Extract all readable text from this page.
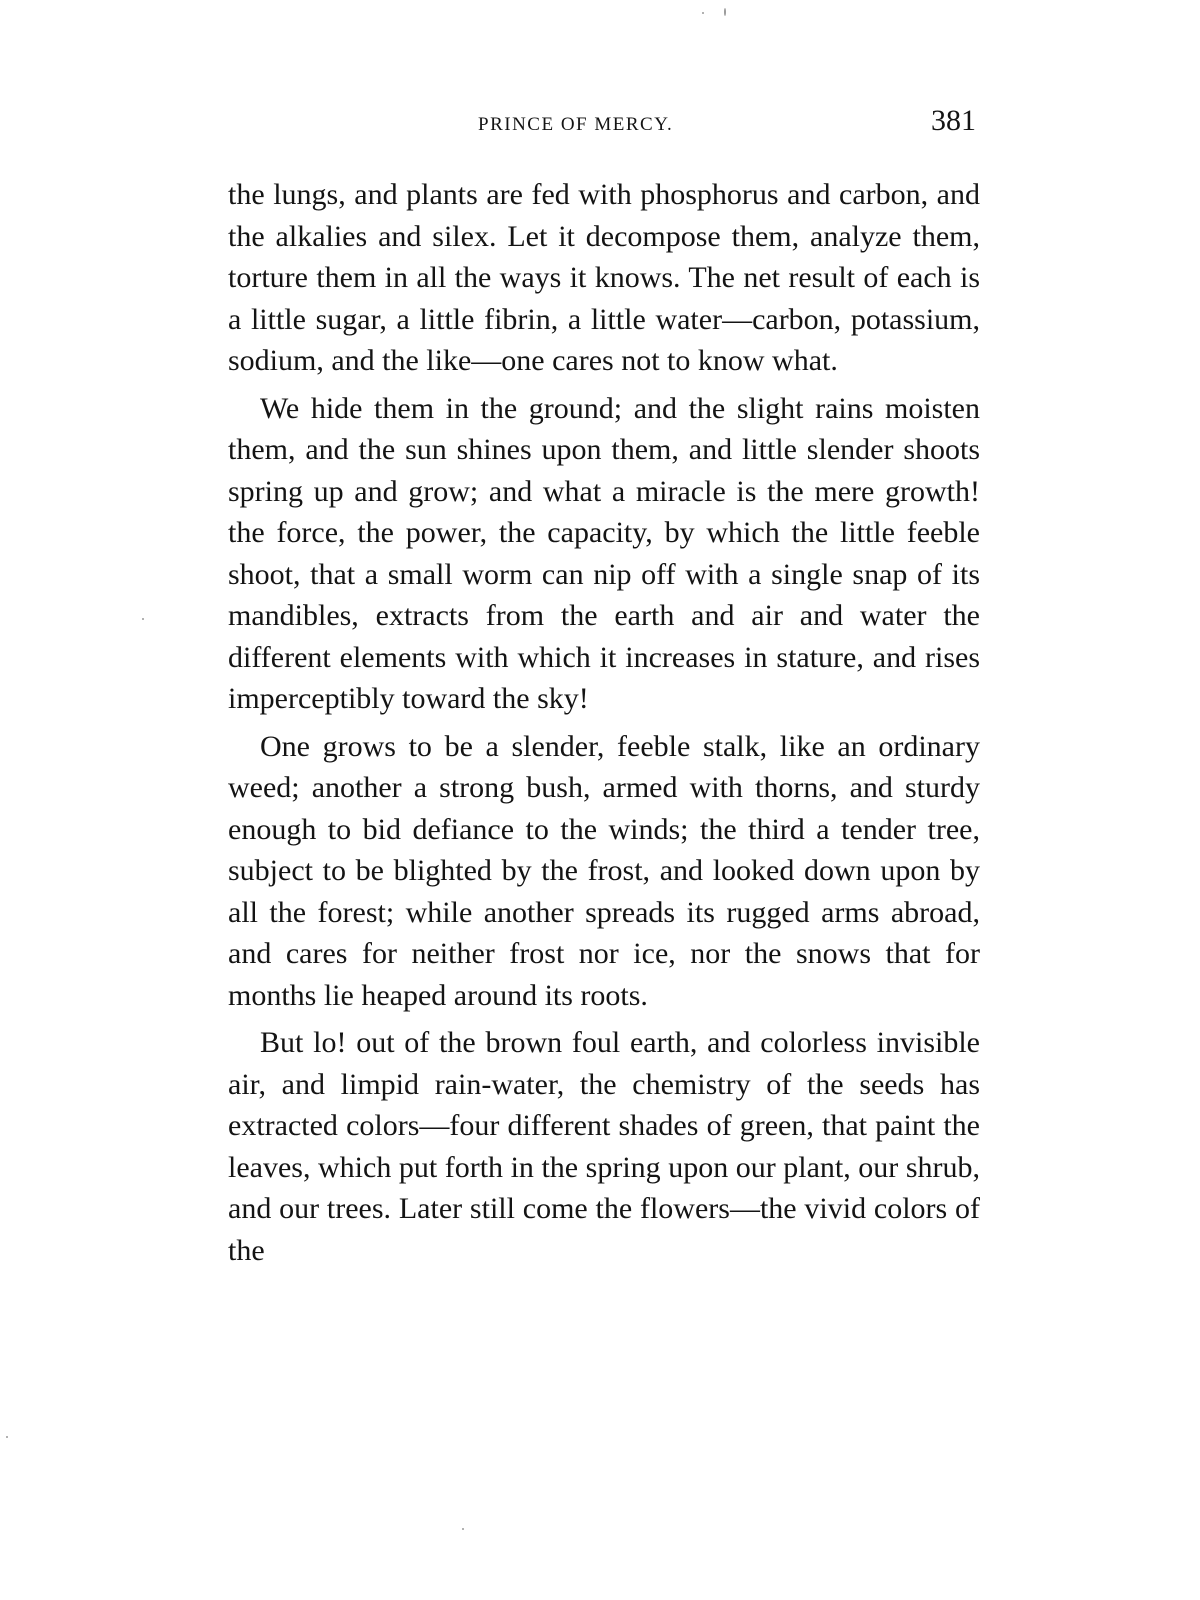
PRINCE OF MERCY.	381

the lungs, and plants are fed with phosphorus and carbon, and the alkalies and silex. Let it decompose them, analyze them, torture them in all the ways it knows. The net result of each is a little sugar, a little fibrin, a little water—carbon, potassium, sodium, and the like—one cares not to know what.

We hide them in the ground; and the slight rains moisten them, and the sun shines upon them, and little slender shoots spring up and grow; and what a miracle is the mere growth! the force, the power, the capacity, by which the little feeble shoot, that a small worm can nip off with a single snap of its mandibles, extracts from the earth and air and water the different elements with which it increases in stature, and rises imperceptibly toward the sky!

One grows to be a slender, feeble stalk, like an ordinary weed; another a strong bush, armed with thorns, and sturdy enough to bid defiance to the winds; the third a tender tree, subject to be blighted by the frost, and looked down upon by all the forest; while another spreads its rugged arms abroad, and cares for neither frost nor ice, nor the snows that for months lie heaped around its roots.

But lo! out of the brown foul earth, and colorless invisible air, and limpid rain-water, the chemistry of the seeds has extracted colors—four different shades of green, that paint the leaves, which put forth in the spring upon our plant, our shrub, and our trees. Later still come the flowers—the vivid colors of the
